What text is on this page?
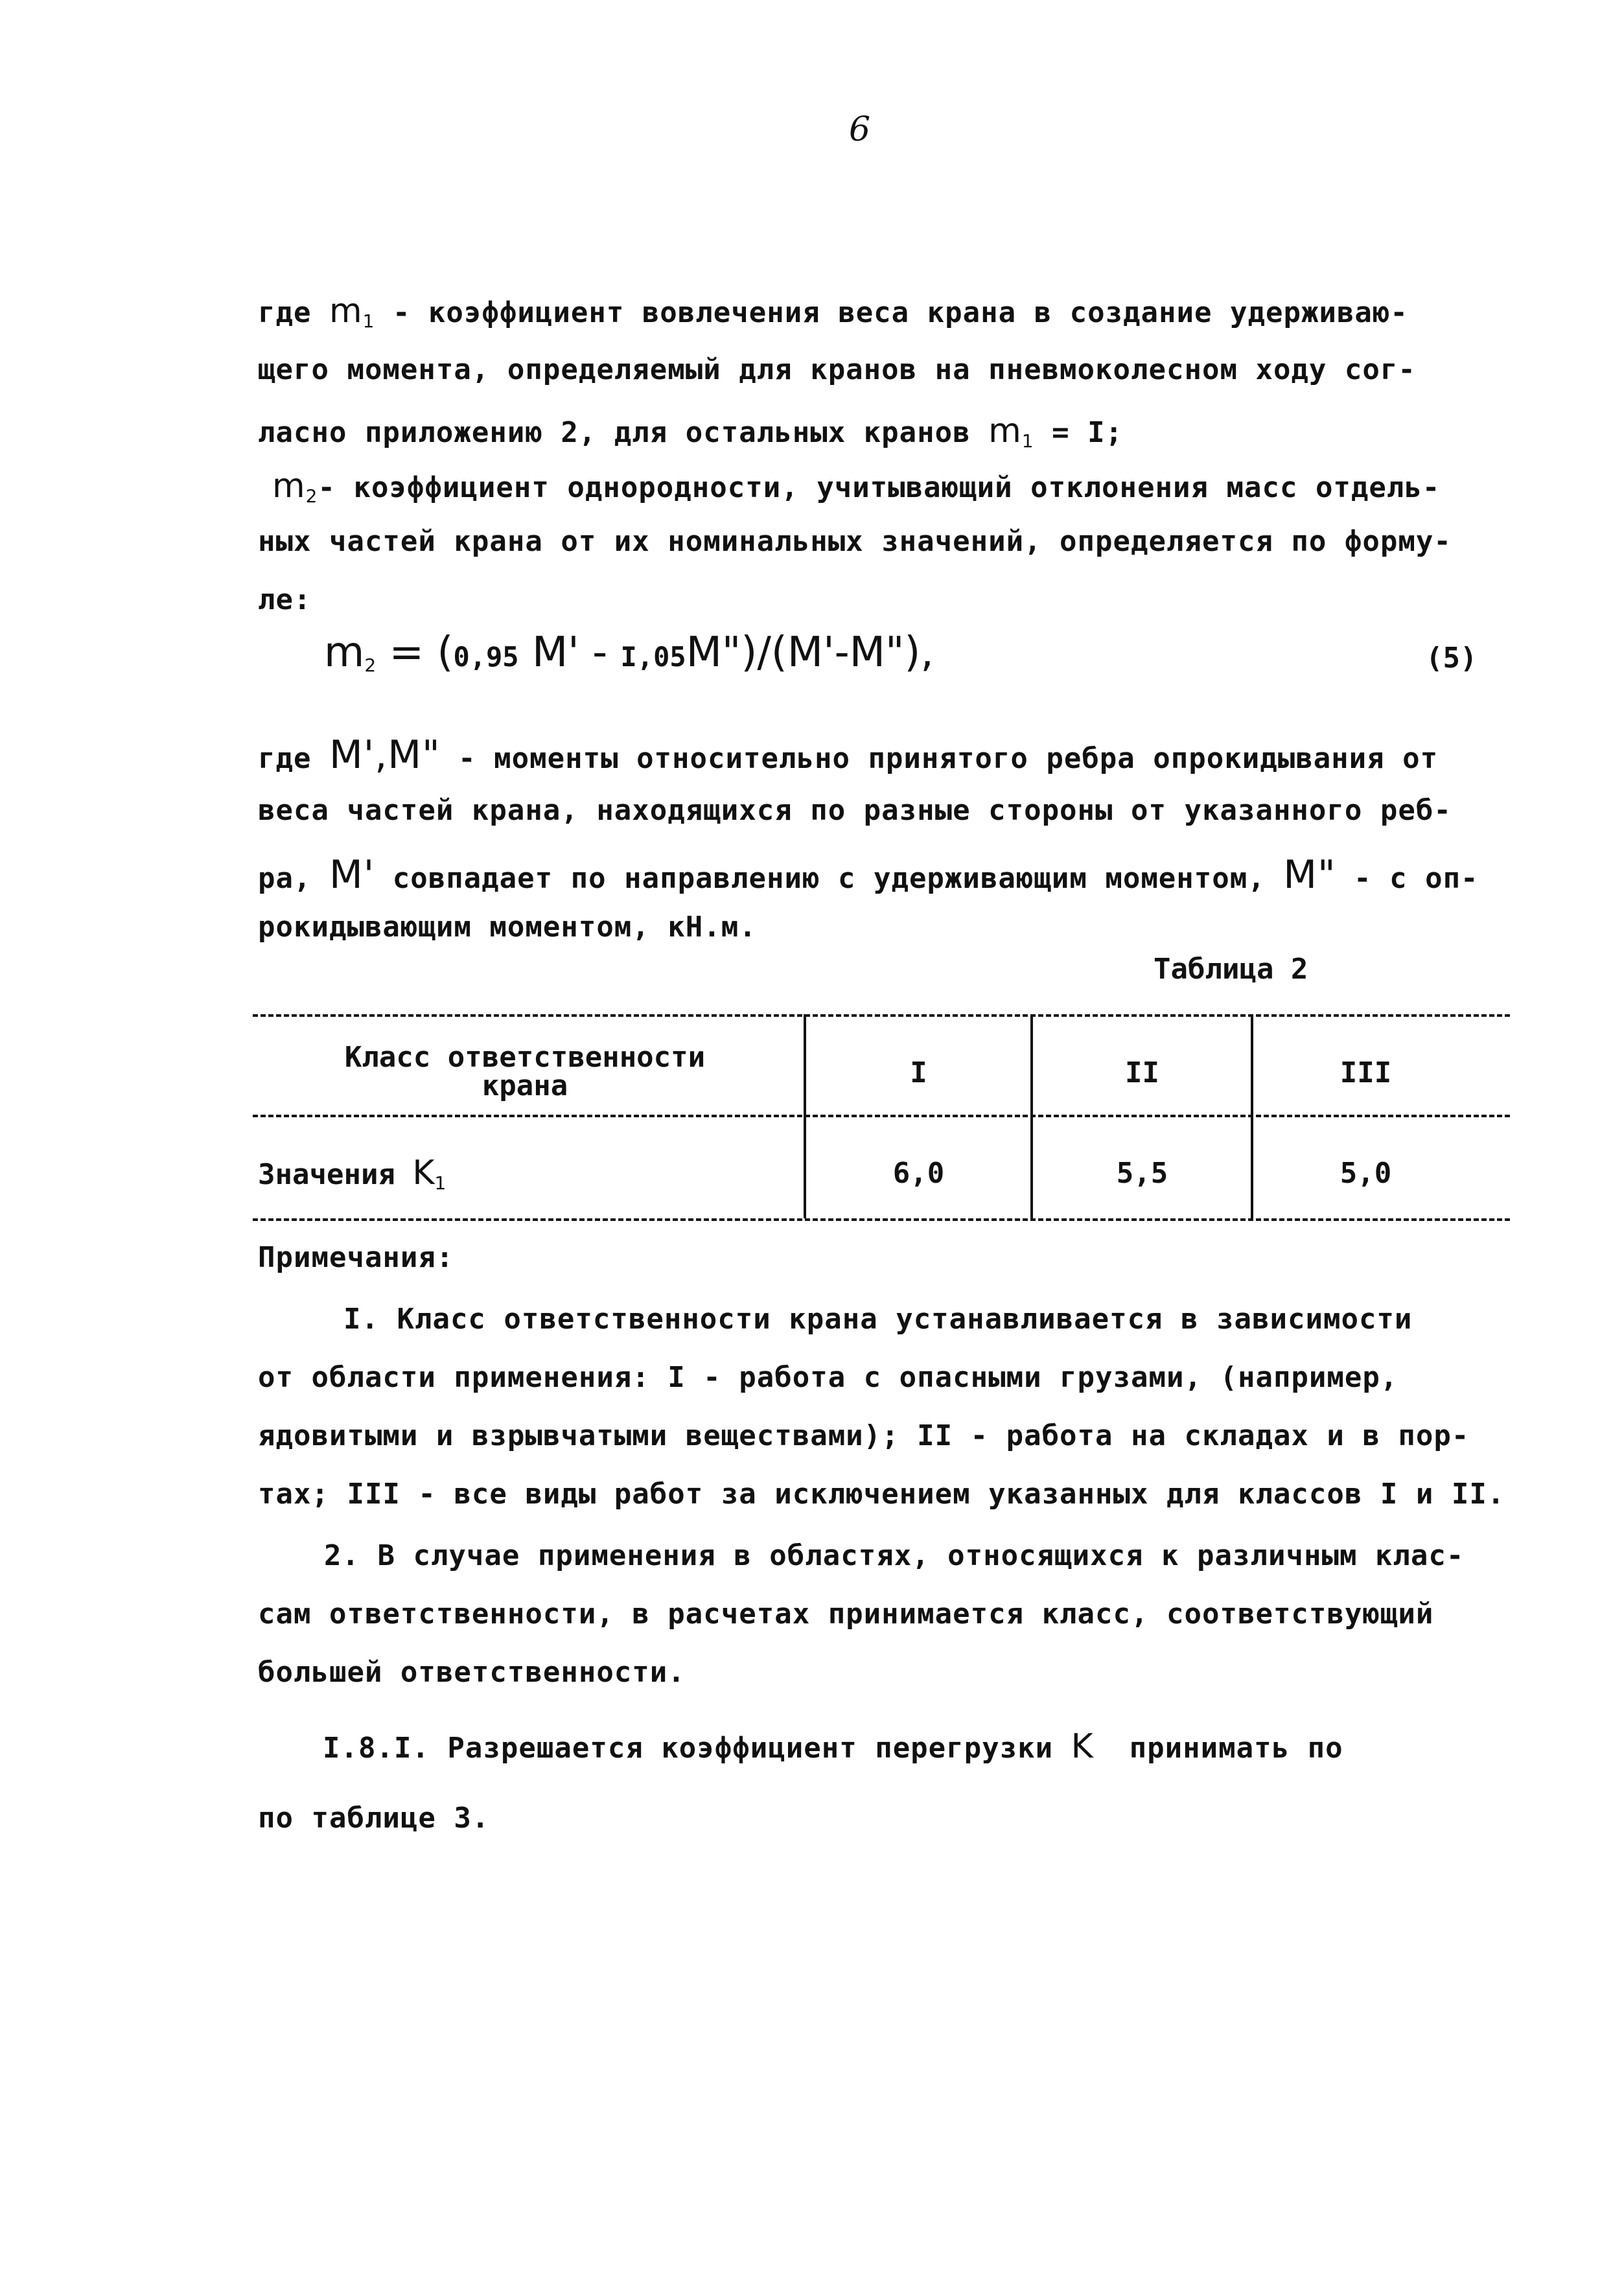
6
где $m_1$ - коэффициент вовлечения веса крана в создание удерживаю-
щего момента, определяемый для кранов на пневмоколесном ходу сог-
ласно приложению 2, для остальных кранов $m_1 = I$;
$m_2-$ коэффициент однородности, учитывающий отклонения масс отдель-
ных частей крана от их номинальных значений, определяется по форму-
ле:
$m_2 = (0,95$ M' - I,05M")/(M'-M"),	(5)
где M',M" - моменты относительно принятого ребра опрокидывания от
веса частей крана, находящихся по разные стороны от указанного реб-
ра, M' совпадает по направлению с удерживающим моментом, M" - с оп-
рокидывающим моментом, кН.м.
Таблица 2
Класс ответственности
крана	I	II	III
Значения $K_1$	6,0	5,5	5,0
Примечания:
I. Класс ответственности крана устанавливается в зависимости
от области применения: I - работа с опасными грузами, (например,
ядовитыми и взрывчатыми веществами); II - работа на складах и в пор-
тах; III - все виды работ за исключением указанных для классов I и II.
2. В случае применения в областях, относящихся к различным клас-
сам ответственности, в расчетах принимается класс, соответствующий
большей ответственности.
I.8.I. Разрешается коэффициент перегрузки K  принимать по
по таблице 3.
